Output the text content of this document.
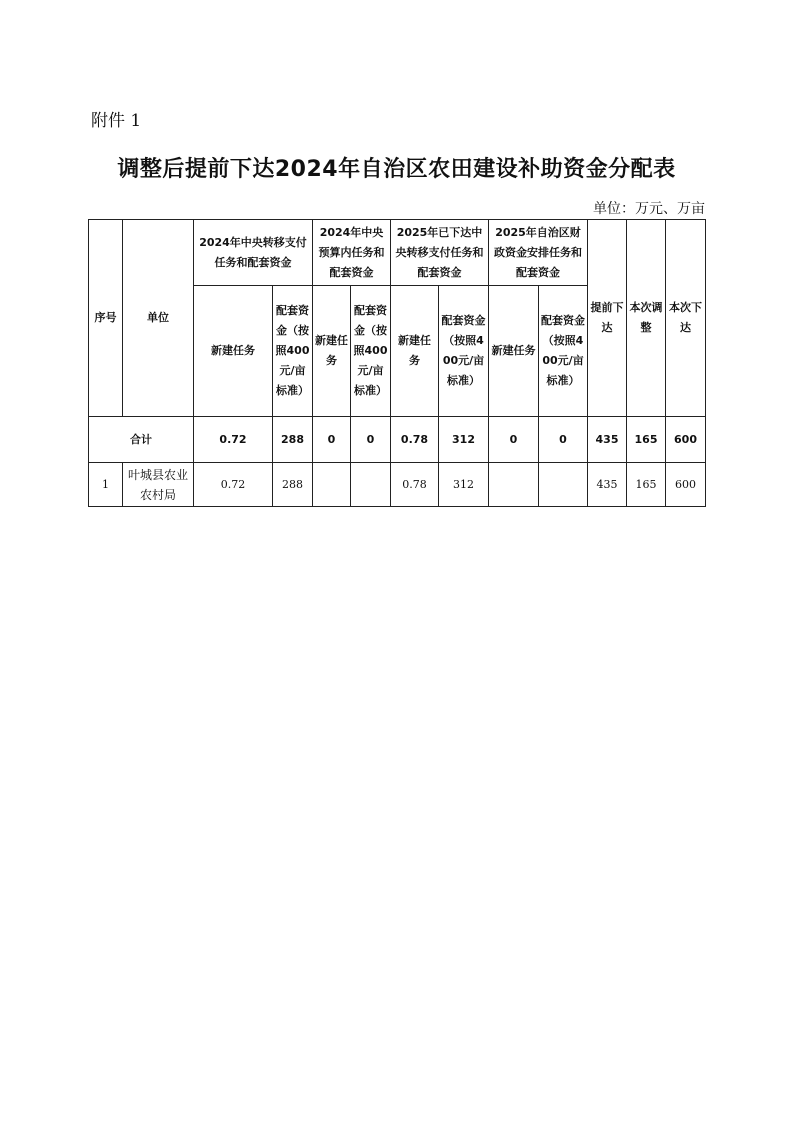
附件 1
调整后提前下达2024年自治区农田建设补助资金分配表
单位：万元、万亩
序号	单位	2024年中央转移支付任务和配套资金		2024年中央预算内任务和配套资金		2025年已下达中央转移支付任务和配套资金		2025年自治区财政资金安排任务和配套资金		提前下达	本次调整	本次下达
		新建任务	配套资金（按照400元/亩标准）	新建任务	配套资金（按照400元/亩标准）	新建任务	配套资金（按照400元/亩标准）	新建任务	配套资金（按照400元/亩标准）			
合计		0.72	288	0	0	0.78	312	0	0	435	165	600
1	叶城县农业农村局	0.72	288			0.78	312			435	165	600
